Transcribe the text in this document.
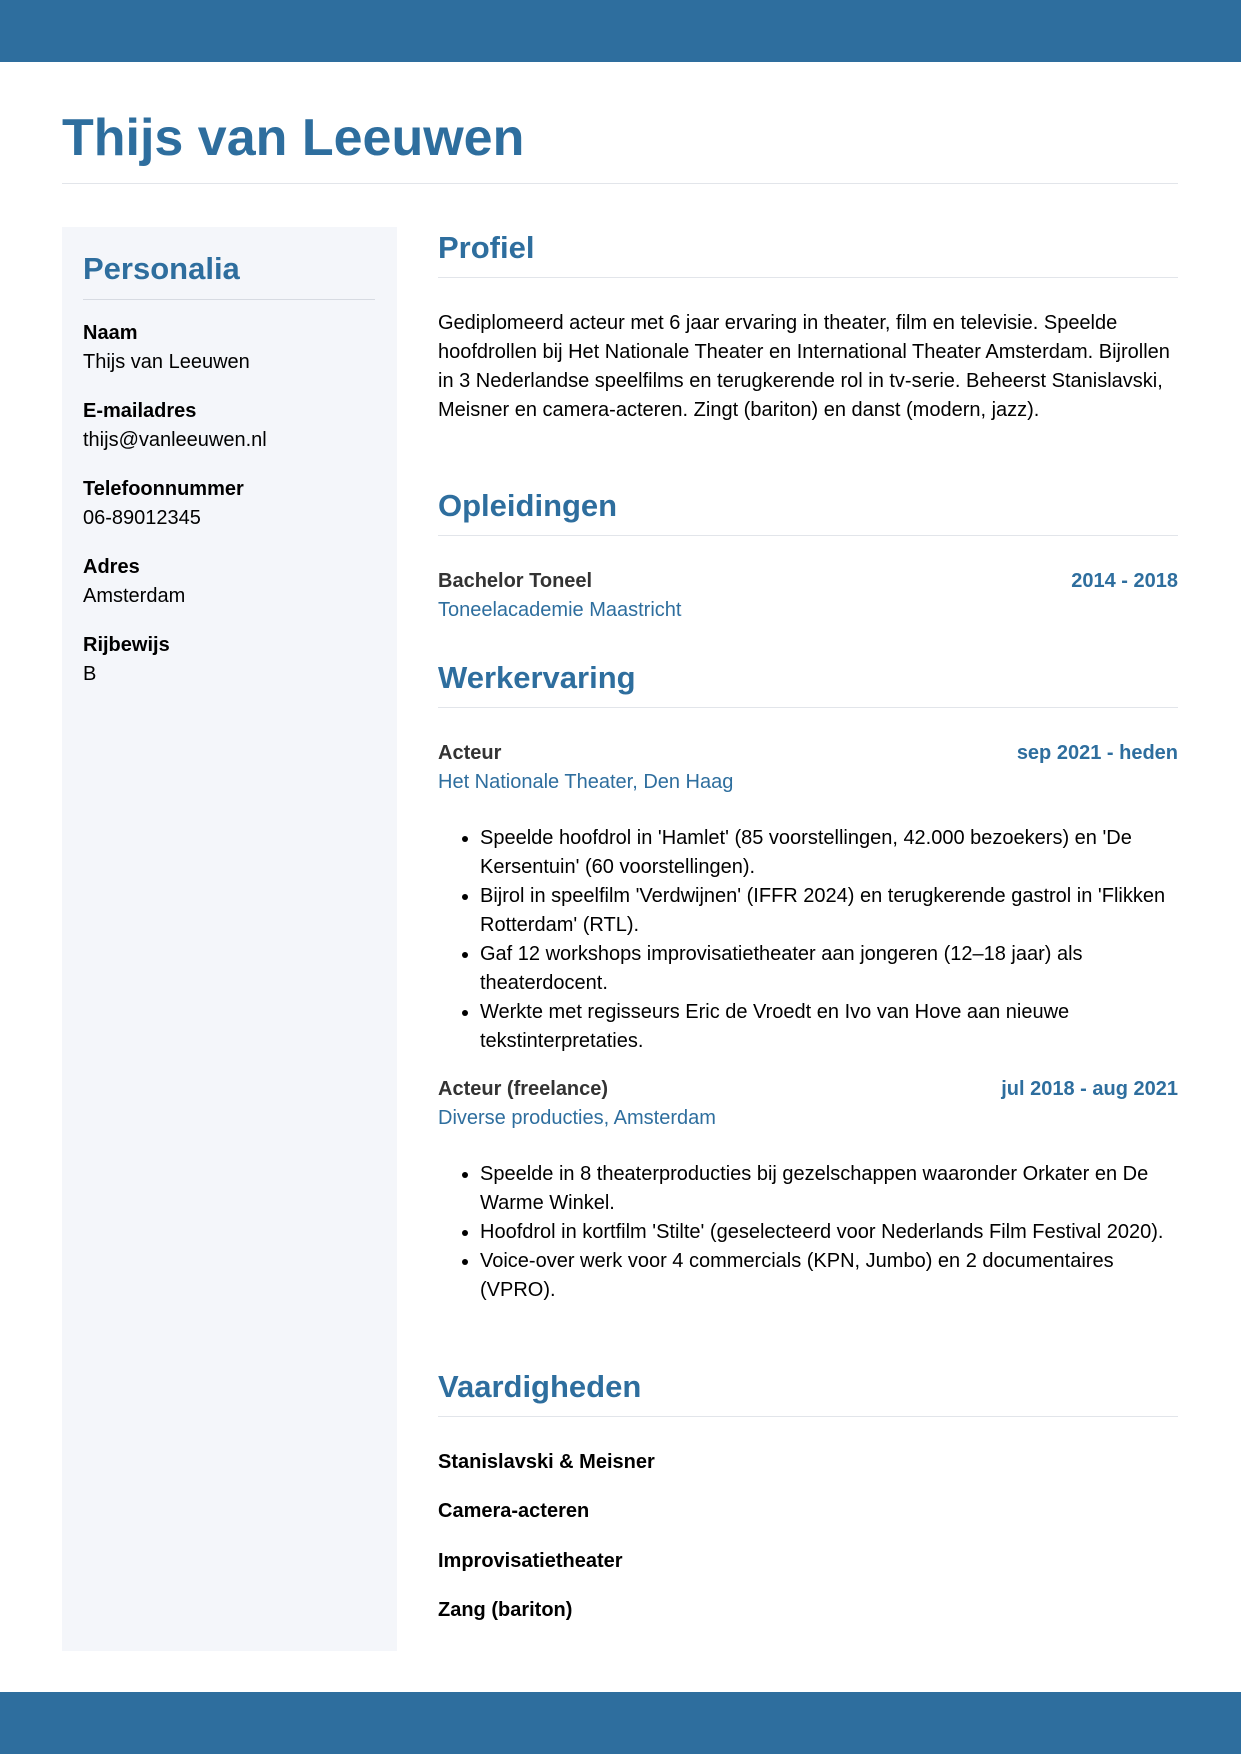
Thijs van Leeuwen
Personalia
Naam
Thijs van Leeuwen
E-mailadres
thijs@vanleeuwen.nl
Telefoonnummer
06-89012345
Adres
Amsterdam
Rijbewijs
B
Profiel

Gediplomeerd acteur met 6 jaar ervaring in theater, film en televisie. Speelde hoofdrollen bij Het Nationale Theater en International Theater Amsterdam. Bijrollen in 3 Nederlandse speelfilms en terugkerende rol in tv-serie. Beheerst Stanislavski, Meisner en camera-acteren. Zingt (bariton) en danst (modern, jazz).

Opleidingen
Bachelor Toneel	2014 - 2018
Toneelacademie Maastricht
Werkervaring
Acteur	sep 2021 - heden
Het Nationale Theater, Den Haag
• Speelde hoofdrol in 'Hamlet' (85 voorstellingen, 42.000 bezoekers) en 'De Kersentuin' (60 voorstellingen).
• Bijrol in speelfilm 'Verdwijnen' (IFFR 2024) en terugkerende gastrol in 'Flikken Rotterdam' (RTL).
• Gaf 12 workshops improvisatietheater aan jongeren (12–18 jaar) als theaterdocent.
• Werkte met regisseurs Eric de Vroedt en Ivo van Hove aan nieuwe tekstinterpretaties.
Acteur (freelance)	jul 2018 - aug 2021
Diverse producties, Amsterdam
• Speelde in 8 theaterproducties bij gezelschappen waaronder Orkater en De Warme Winkel.
• Hoofdrol in kortfilm 'Stilte' (geselecteerd voor Nederlands Film Festival 2020).
• Voice-over werk voor 4 commercials (KPN, Jumbo) en 2 documentaires (VPRO).
Vaardigheden
Stanislavski & Meisner
Camera-acteren
Improvisatietheater
Zang (bariton)
